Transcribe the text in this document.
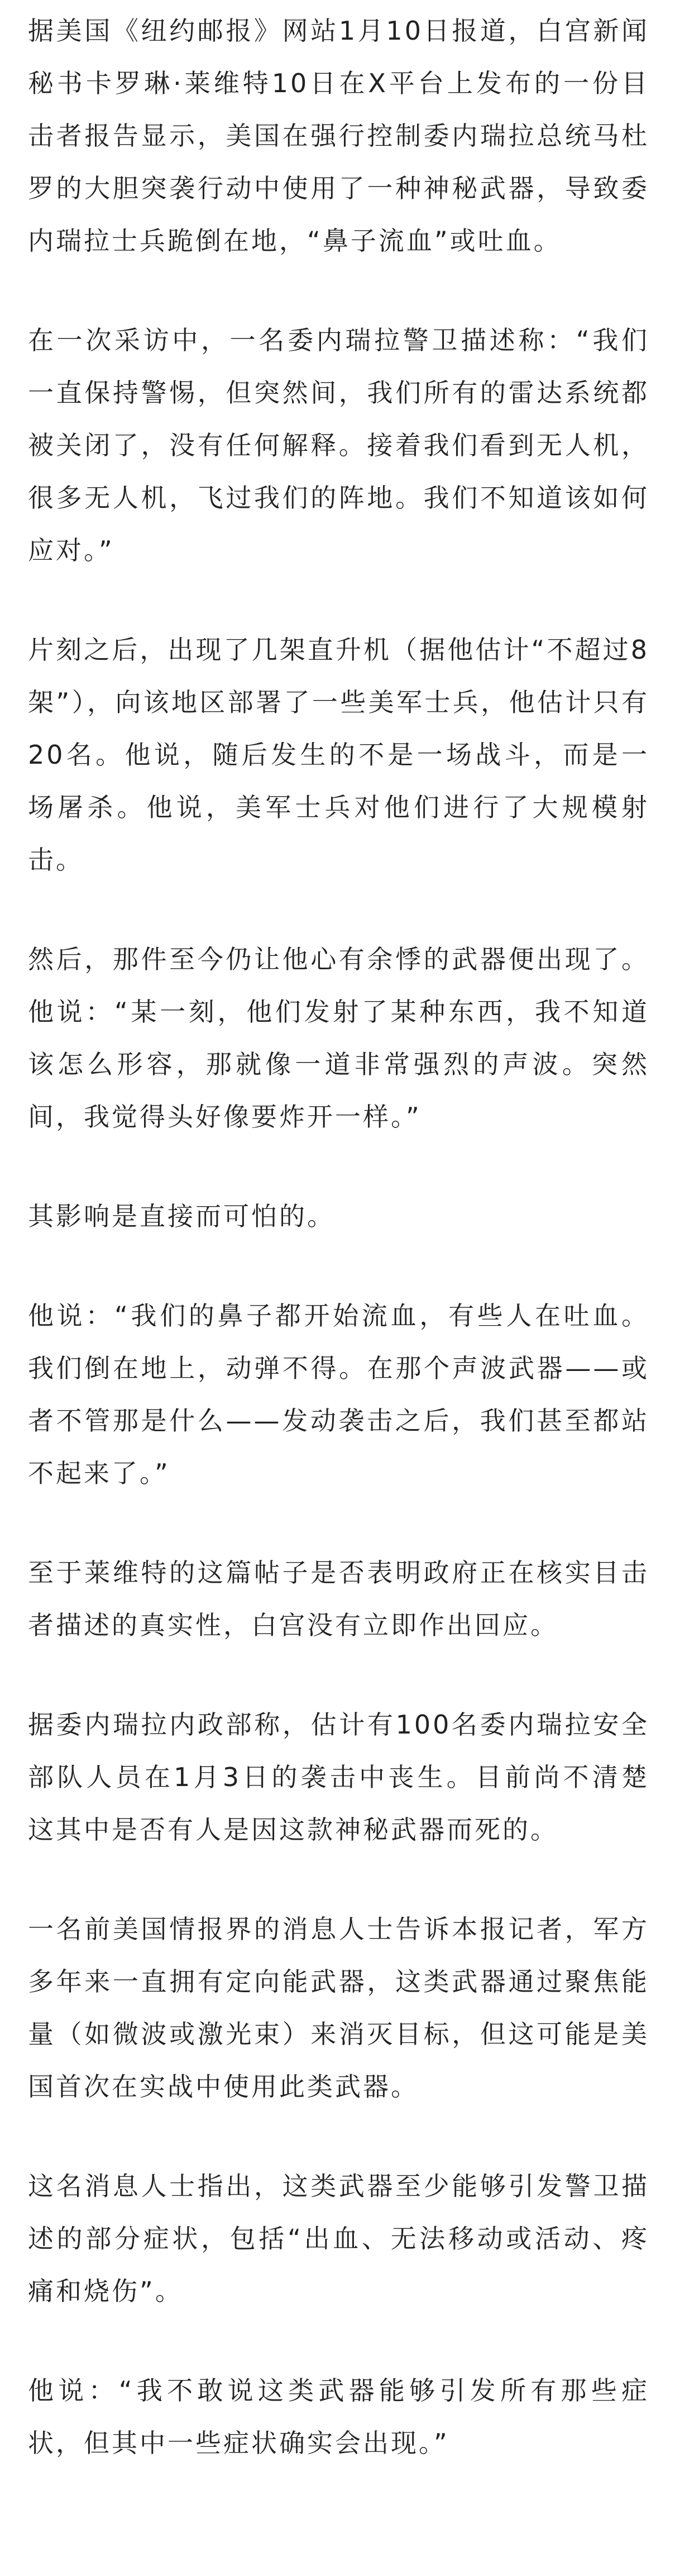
据美国《纽约邮报》网站1月10日报道，白宫新闻秘书卡罗琳·莱维特10日在X平台上发布的一份目击者报告显示，美国在强行控制委内瑞拉总统马杜罗的大胆突袭行动中使用了一种神秘武器，导致委内瑞拉士兵跪倒在地，“鼻子流血”或吐血。

在一次采访中，一名委内瑞拉警卫描述称：“我们一直保持警惕，但突然间，我们所有的雷达系统都被关闭了，没有任何解释。接着我们看到无人机，很多无人机，飞过我们的阵地。我们不知道该如何应对。”

片刻之后，出现了几架直升机（据他估计“不超过8架”），向该地区部署了一些美军士兵，他估计只有20名。他说，随后发生的不是一场战斗，而是一场屠杀。他说，美军士兵对他们进行了大规模射击。

然后，那件至今仍让他心有余悸的武器便出现了。他说：“某一刻，他们发射了某种东西，我不知道该怎么形容，那就像一道非常强烈的声波。突然间，我觉得头好像要炸开一样。”

其影响是直接而可怕的。

他说：“我们的鼻子都开始流血，有些人在吐血。我们倒在地上，动弹不得。在那个声波武器——或者不管那是什么——发动袭击之后，我们甚至都站不起来了。”

至于莱维特的这篇帖子是否表明政府正在核实目击者描述的真实性，白宫没有立即作出回应。

据委内瑞拉内政部称，估计有100名委内瑞拉安全部队人员在1月3日的袭击中丧生。目前尚不清楚这其中是否有人是因这款神秘武器而死的。

一名前美国情报界的消息人士告诉本报记者，军方多年来一直拥有定向能武器，这类武器通过聚焦能量（如微波或激光束）来消灭目标，但这可能是美国首次在实战中使用此类武器。

这名消息人士指出，这类武器至少能够引发警卫描述的部分症状，包括“出血、无法移动或活动、疼痛和烧伤”。

他说：“我不敢说这类武器能够引发所有那些症状，但其中一些症状确实会出现。”
